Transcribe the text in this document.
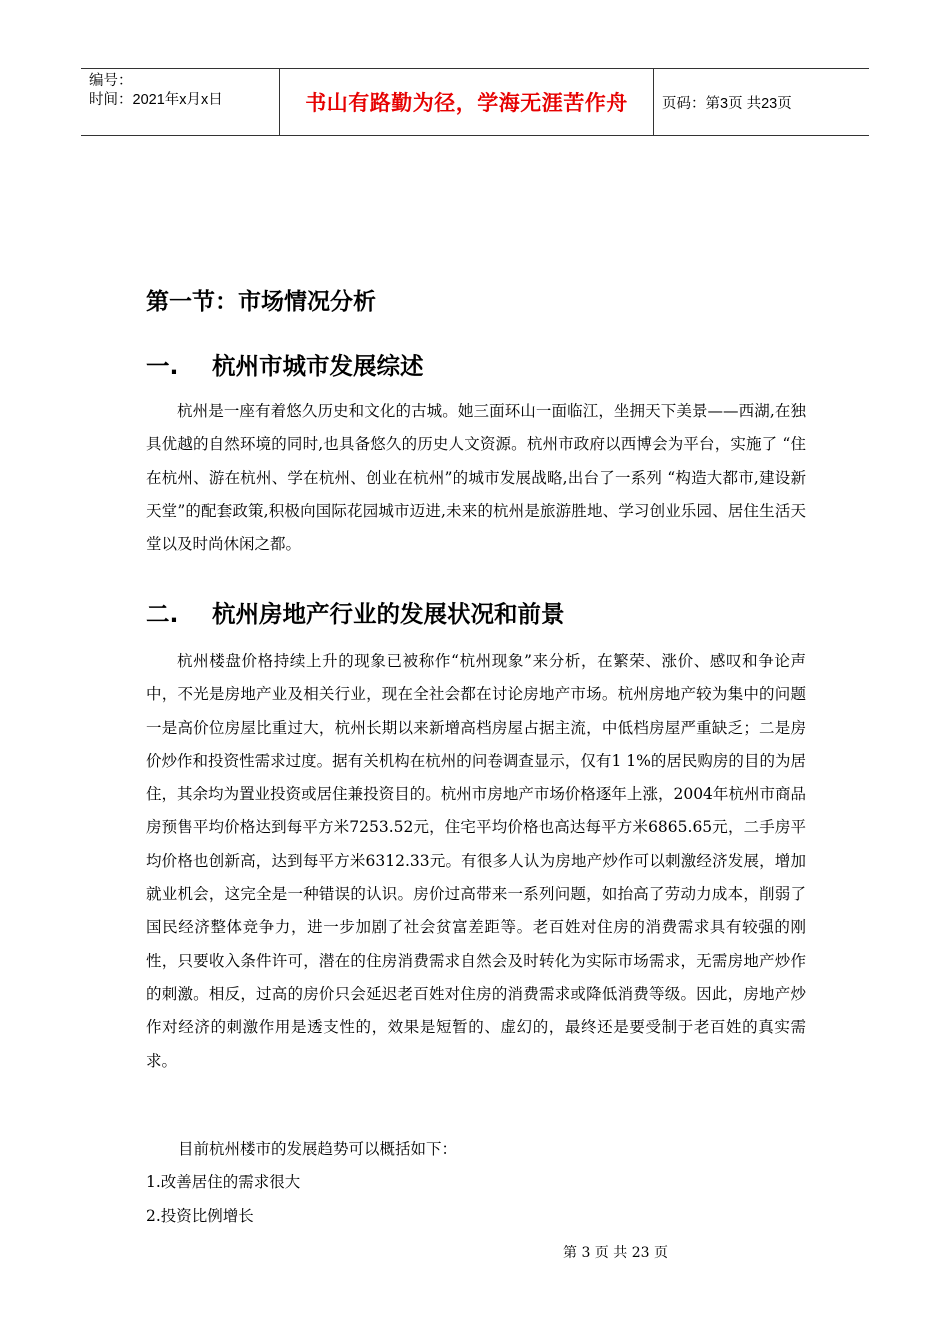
编号：
时间：2021年x月x日	书山有路勤为径，学海无涯苦作舟 页码：第3页 共23页
第一节：市场情况分析
一. 杭州市城市发展综述

杭州是一座有着悠久历史和文化的古城。她三面环山一面临江，坐拥天下美景——西湖,在独具优越的自然环境的同时,也具备悠久的历史人文资源。杭州市政府以西博会为平台，实施了 “住在杭州、游在杭州、学在杭州、创业在杭州”的城市发展战略,出台了一系列 “构造大都市,建设新天堂”的配套政策,积极向国际花园城市迈进,未来的杭州是旅游胜地、学习创业乐园、居住生活天堂以及时尚休闲之都。

二. 杭州房地产行业的发展状况和前景

杭州楼盘价格持续上升的现象已被称作“杭州现象”来分析，在繁荣、涨价、感叹和争论声中，不光是房地产业及相关行业，现在全社会都在讨论房地产市场。杭州房地产较为集中的问题一是高价位房屋比重过大，杭州长期以来新增高档房屋占据主流，中低档房屋严重缺乏；二是房价炒作和投资性需求过度。据有关机构在杭州的问卷调查显示，仅有1 1%的居民购房的目的为居住，其余均为置业投资或居住兼投资目的。杭州市房地产市场价格逐年上涨，2004年杭州市商品房预售平均价格达到每平方米7253.52元，住宅平均价格也高达每平方米6865.65元，二手房平均价格也创新高，达到每平方米6312.33元。有很多人认为房地产炒作可以刺激经济发展，增加就业机会，这完全是一种错误的认识。房价过高带来一系列问题，如抬高了劳动力成本，削弱了国民经济整体竞争力，进一步加剧了社会贫富差距等。老百姓对住房的消费需求具有较强的刚性，只要收入条件许可，潜在的住房消费需求自然会及时转化为实际市场需求，无需房地产炒作的刺激。相反，过高的房价只会延迟老百姓对住房的消费需求或降低消费等级。因此，房地产炒作对经济的刺激作用是透支性的，效果是短暂的、虚幻的，最终还是要受制于老百姓的真实需求。

目前杭州楼市的发展趋势可以概括如下：
1.改善居住的需求很大
2.投资比例增长
第 3 页 共 23 页
